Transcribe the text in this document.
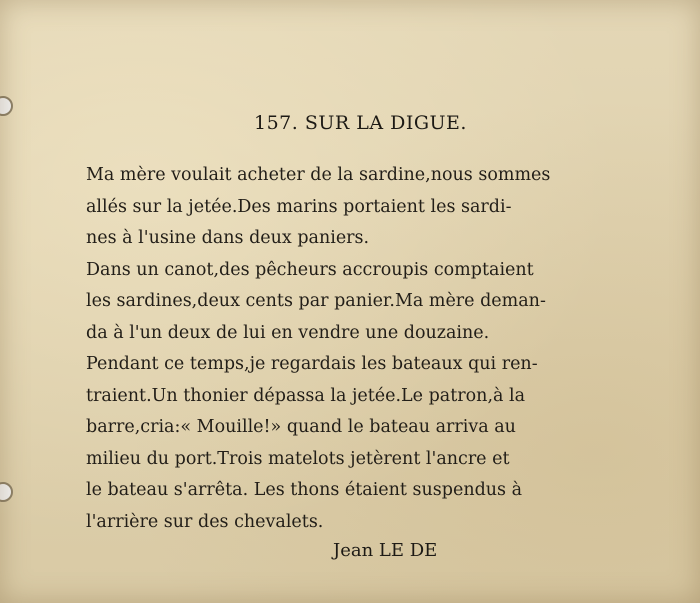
157. SUR LA DIGUE.
Ma mère voulait acheter de la sardine,nous sommes
allés sur la jetée.Des marins portaient les sardi-
nes à l'usine dans deux paniers.
Dans un canot,des pêcheurs accroupis comptaient
les sardines,deux cents par panier.Ma mère deman-
da à l'un deux de lui en vendre une douzaine.
Pendant ce temps,je regardais les bateaux qui ren-
traient.Un thonier dépassa la jetée.Le patron,à la
barre,cria:« Mouille!» quand le bateau arriva au
milieu du port.Trois matelots jetèrent l'ancre et
le bateau s'arrêta. Les thons étaient suspendus à
l'arrière sur des chevalets.

Jean LE DE
